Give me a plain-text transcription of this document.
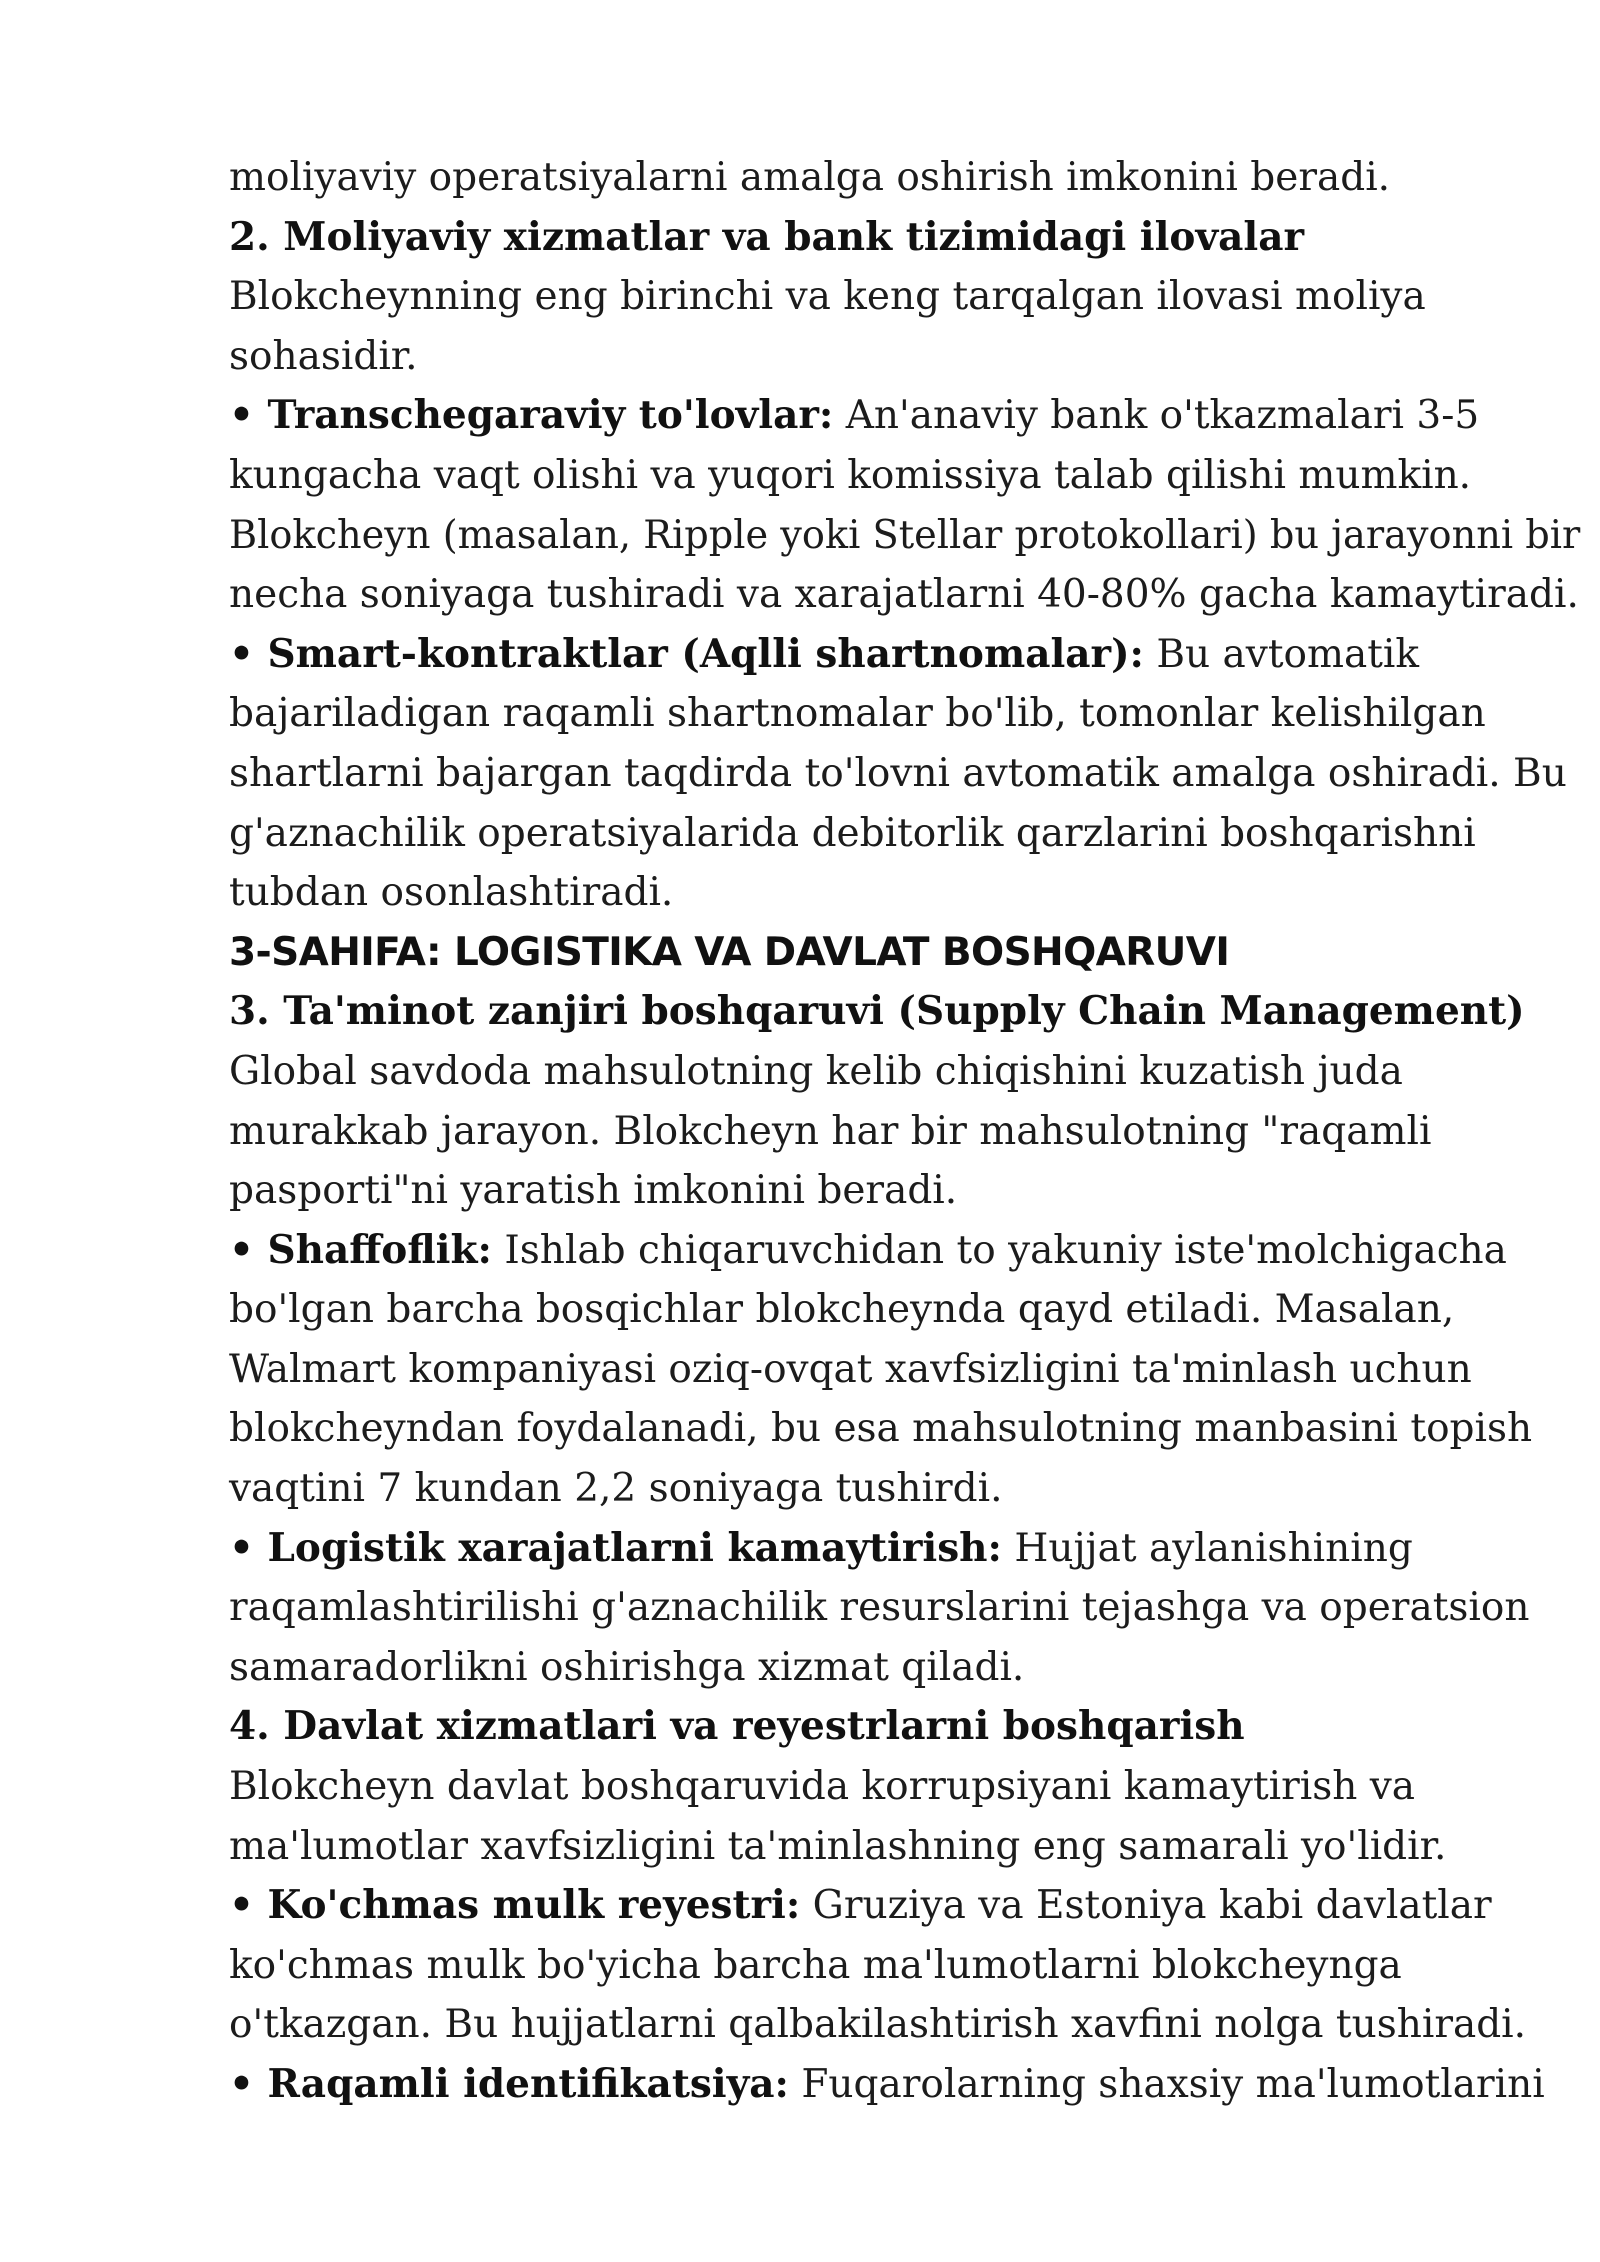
moliyaviy operatsiyalarni amalga oshirish imkonini beradi.
2. Moliyaviy xizmatlar va bank tizimidagi ilovalar
Blokcheynning eng birinchi va keng tarqalgan ilovasi moliya
sohasidir.
• Transchegaraviy to'lovlar: An'anaviy bank o'tkazmalari 3-5
kungacha vaqt olishi va yuqori komissiya talab qilishi mumkin.
Blokcheyn (masalan, Ripple yoki Stellar protokollari) bu jarayonni bir
necha soniyaga tushiradi va xarajatlarni 40-80% gacha kamaytiradi.
• Smart-kontraktlar (Aqlli shartnomalar): Bu avtomatik
bajariladigan raqamli shartnomalar bo'lib, tomonlar kelishilgan
shartlarni bajargan taqdirda to'lovni avtomatik amalga oshiradi. Bu
g'aznachilik operatsiyalarida debitorlik qarzlarini boshqarishni
tubdan osonlashtiradi.
3-SAHIFA: LOGISTIKA VA DAVLAT BOSHQARUVI
3. Ta'minot zanjiri boshqaruvi (Supply Chain Management)
Global savdoda mahsulotning kelib chiqishini kuzatish juda
murakkab jarayon. Blokcheyn har bir mahsulotning "raqamli
pasporti"ni yaratish imkonini beradi.
• Shaffoflik: Ishlab chiqaruvchidan to yakuniy iste'molchigacha
bo'lgan barcha bosqichlar blokcheynda qayd etiladi. Masalan,
Walmart kompaniyasi oziq-ovqat xavfsizligini ta'minlash uchun
blokcheyndan foydalanadi, bu esa mahsulotning manbasini topish
vaqtini 7 kundan 2,2 soniyaga tushirdi.
• Logistik xarajatlarni kamaytirish: Hujjat aylanishining
raqamlashtirilishi g'aznachilik resurslarini tejashga va operatsion
samaradorlikni oshirishga xizmat qiladi.
4. Davlat xizmatlari va reyestrlarni boshqarish
Blokcheyn davlat boshqaruvida korrupsiyani kamaytirish va
ma'lumotlar xavfsizligini ta'minlashning eng samarali yo'lidir.
• Ko'chmas mulk reyestri: Gruziya va Estoniya kabi davlatlar
ko'chmas mulk bo'yicha barcha ma'lumotlarni blokcheynga
o'tkazgan. Bu hujjatlarni qalbakilashtirish xavfini nolga tushiradi.
• Raqamli identifikatsiya: Fuqarolarning shaxsiy ma'lumotlarini
